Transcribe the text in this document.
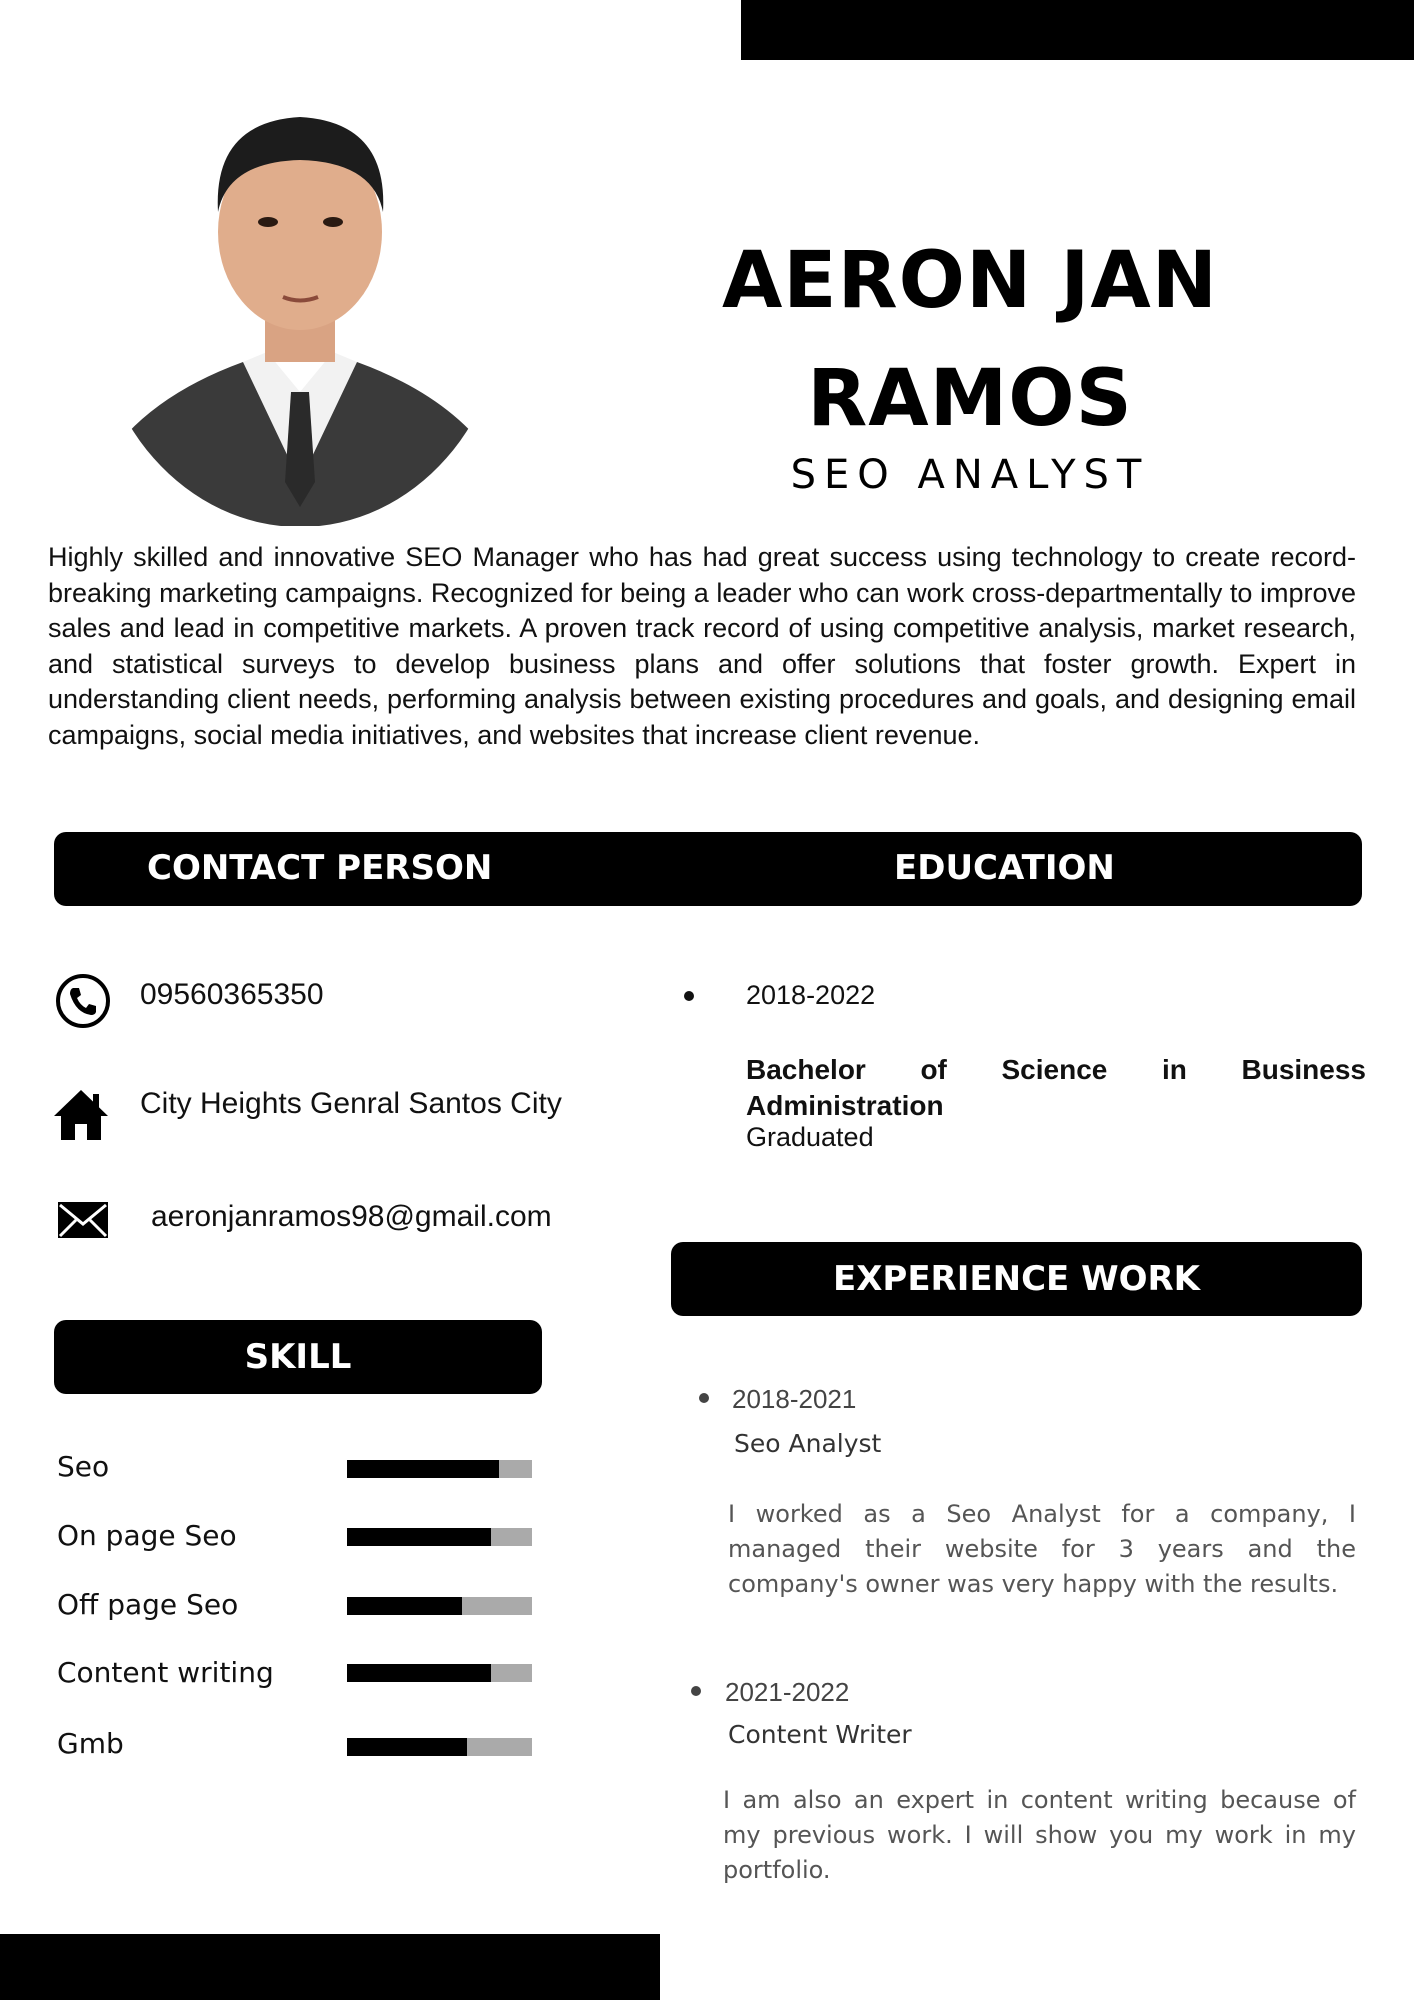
AERON JAN
RAMOS
SEO ANALYST
Highly skilled and innovative SEO Manager who has had great success using technology to create record-breaking marketing campaigns. Recognized for being a leader who can work cross-departmentally to improve sales and lead in competitive markets. A proven track record of using competitive analysis, market research, and statistical surveys to develop business plans and offer solutions that foster growth. Expert in understanding client needs, performing analysis between existing procedures and goals, and designing email campaigns, social media initiatives, and websites that increase client revenue.
CONTACT PERSON	EDUCATION
09560365350
City Heights Genral Santos City
aeronjanramos98@gmail.com
2018-2022
Bachelor of Science in Business
Administration
Graduated
SKILL
Seo
On page Seo
Off page Seo
Content writing
Gmb
EXPERIENCE WORK
2018-2021
Seo Analyst
I worked as a Seo Analyst for a company, I managed their website for 3 years and the company's owner was very happy with the results.
2021-2022
Content Writer
I am also an expert in content writing because of my previous work. I will show you my work in my portfolio.
